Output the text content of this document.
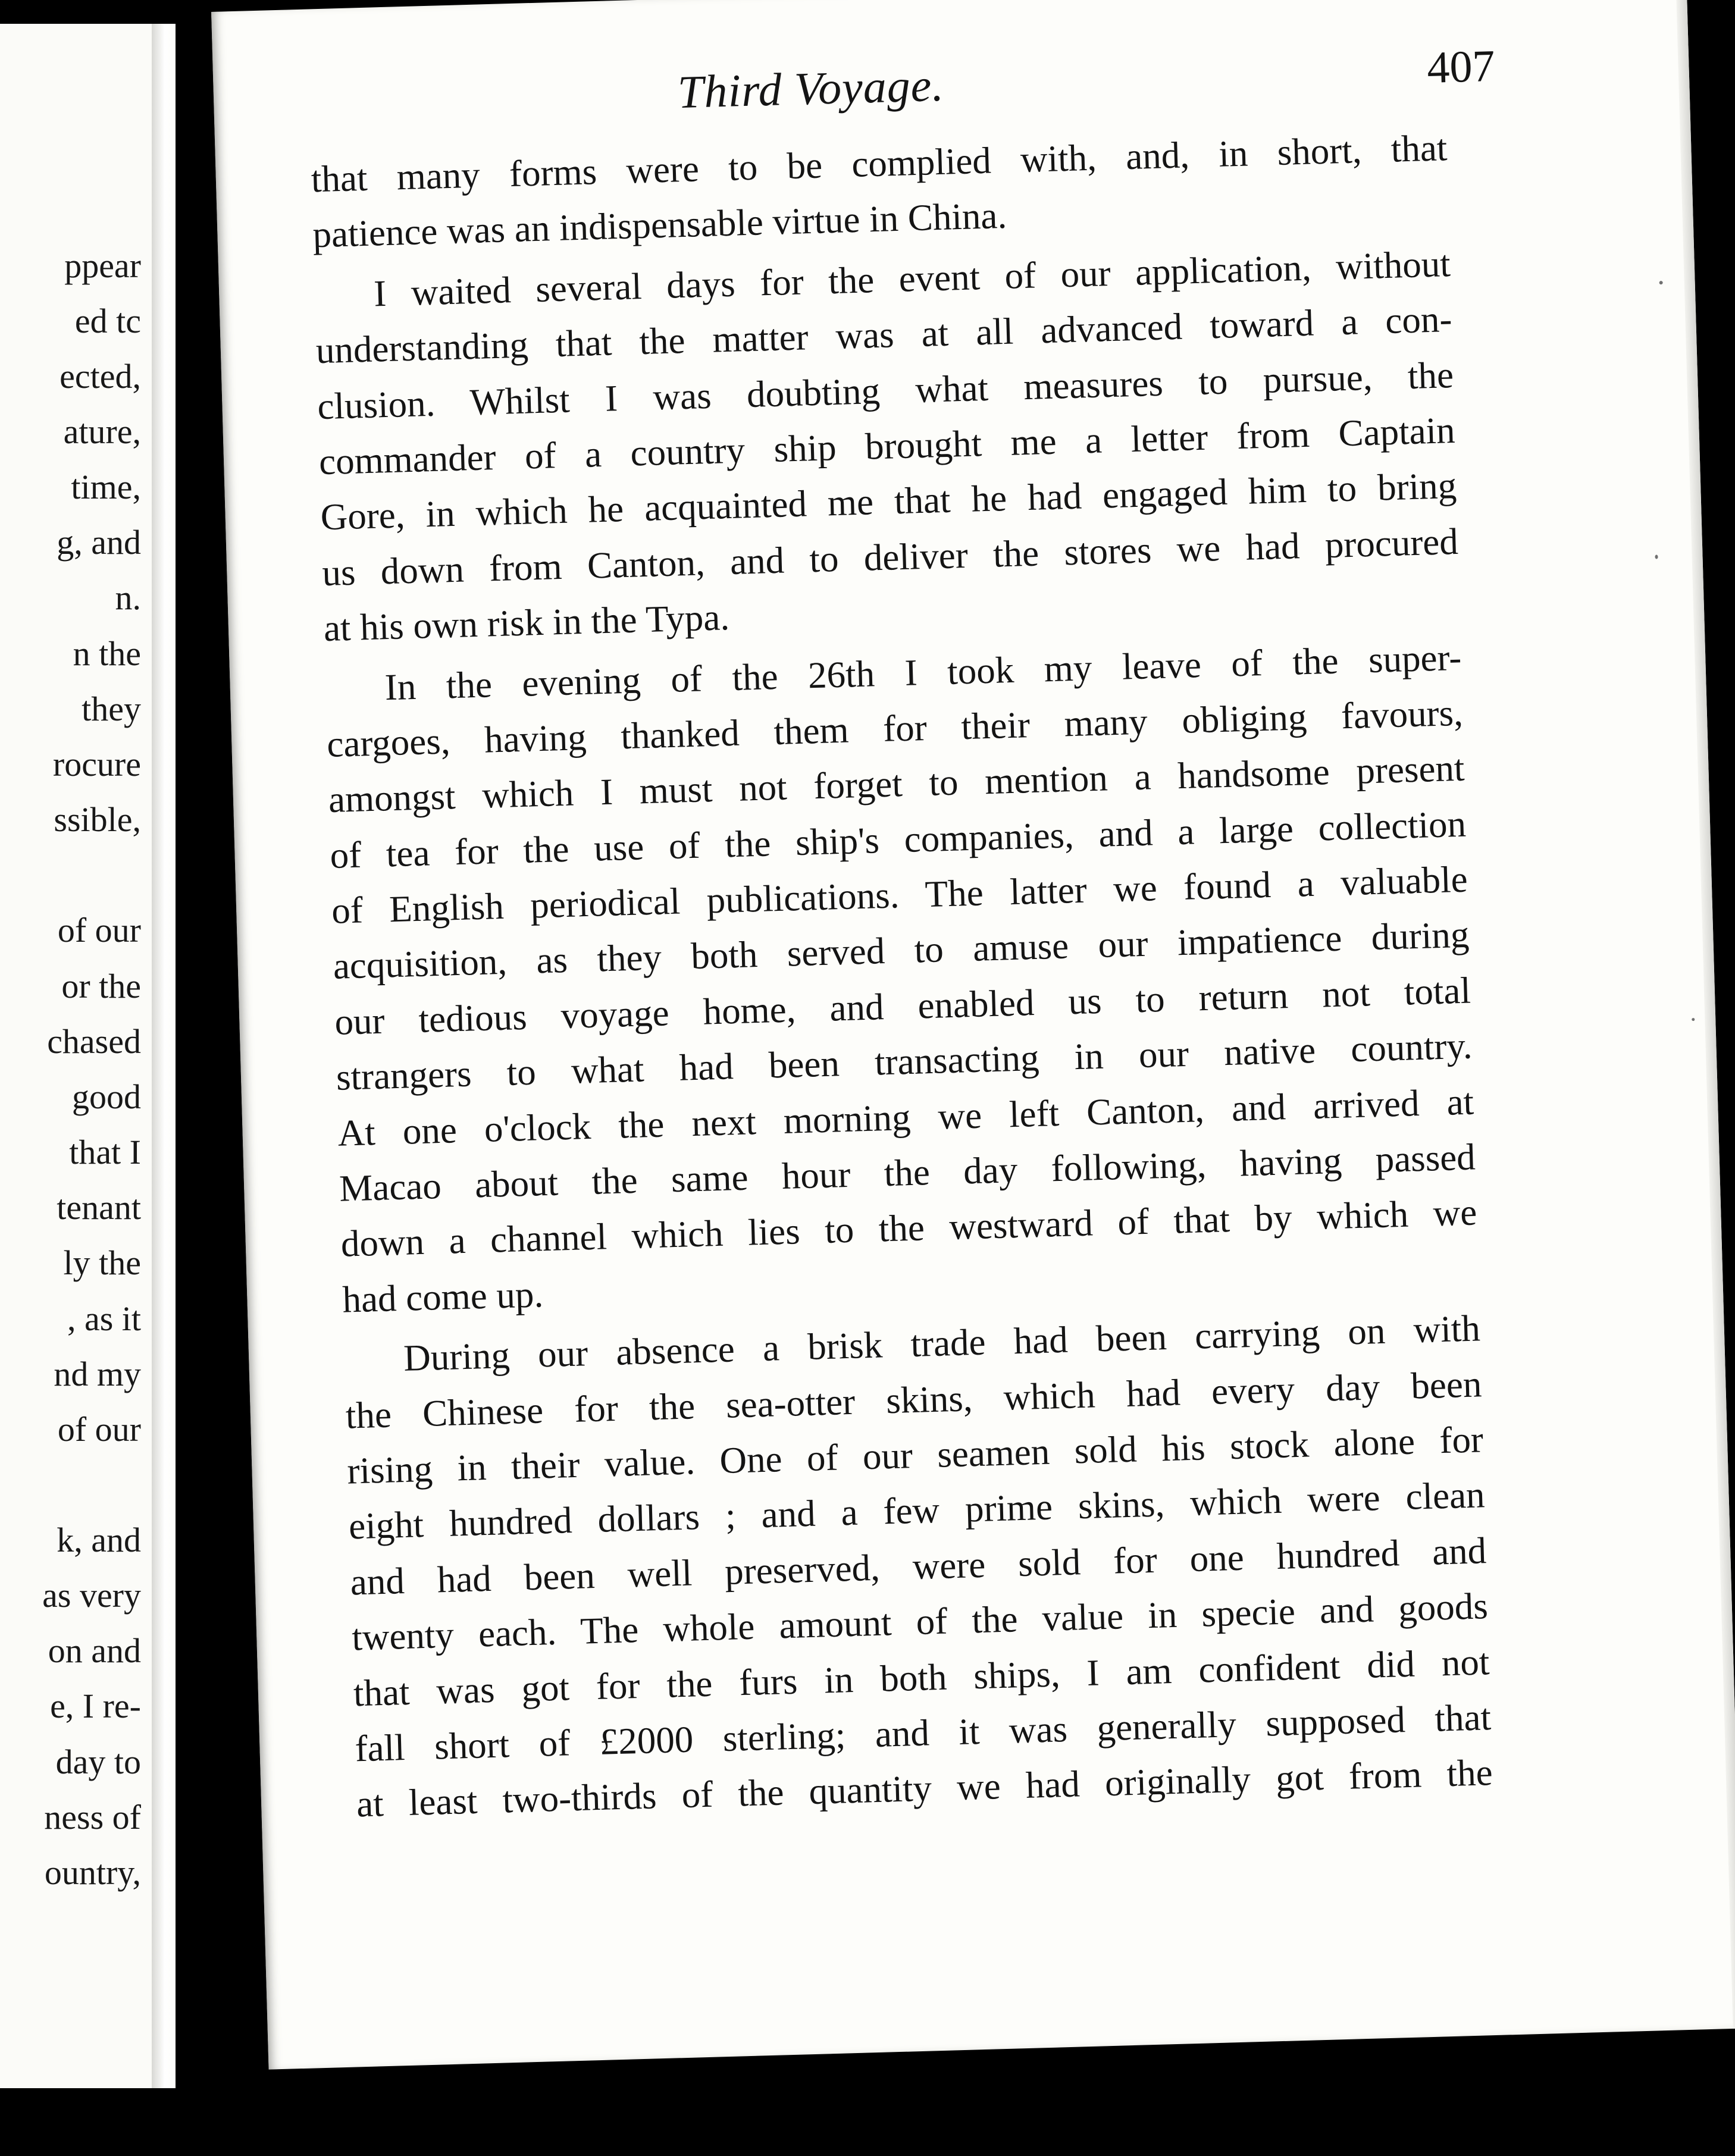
ppear
ed tc
ected,
ature,
time,
g, and
n.
n the
they
rocure
ssible,
of our
or the
chased
good
that I
tenant
ly the
, as it
nd my
of our
k, and
as very
on and
e, I re-
day to
ness of
ountry,
Third Voyage.	407
that many forms were to be complied with, and, in short, that
patience was an indispensable virtue in China.
I waited several days for the event of our application, without
understanding that the matter was at all advanced toward a con-
clusion. Whilst I was doubting what measures to pursue, the
commander of a country ship brought me a letter from Captain
Gore, in which he acquainted me that he had engaged him to bring
us down from Canton, and to deliver the stores we had procured
at his own risk in the Typa.
In the evening of the 26th I took my leave of the super-
cargoes, having thanked them for their many obliging favours,
amongst which I must not forget to mention a handsome present
of tea for the use of the ship's companies, and a large collection
of English periodical publications. The latter we found a valuable
acquisition, as they both served to amuse our impatience during
our tedious voyage home, and enabled us to return not total
strangers to what had been transacting in our native country.
At one o'clock the next morning we left Canton, and arrived at
Macao about the same hour the day following, having passed
down a channel which lies to the westward of that by which we
had come up.
During our absence a brisk trade had been carrying on with
the Chinese for the sea-otter skins, which had every day been
rising in their value. One of our seamen sold his stock alone for
eight hundred dollars ; and a few prime skins, which were clean
and had been well preserved, were sold for one hundred and
twenty each. The whole amount of the value in specie and goods
that was got for the furs in both ships, I am confident did not
fall short of £2000 sterling; and it was generally supposed that
at least two-thirds of the quantity we had originally got from the
